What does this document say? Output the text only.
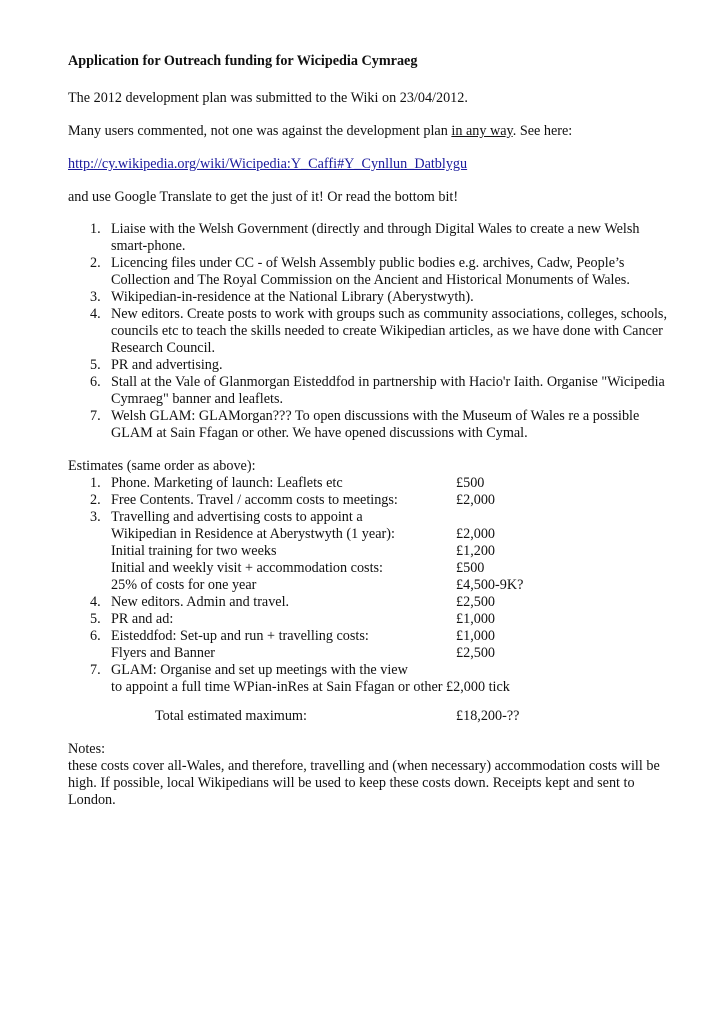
Application for Outreach funding for Wicipedia Cymraeg
The 2012 development plan was submitted to the Wiki on 23/04/2012.
Many users commented, not one was against the development plan in any way. See here:
http://cy.wikipedia.org/wiki/Wicipedia:Y_Caffi#Y_Cynllun_Datblygu
and use Google Translate to get the just of it! Or read the bottom bit!
1. Liaise with the Welsh Government (directly and through Digital Wales to create a new Welsh smart-phone.
2. Licencing files under CC - of Welsh Assembly public bodies e.g. archives, Cadw, People’s Collection and The Royal Commission on the Ancient and Historical Monuments of Wales.
3. Wikipedian-in-residence at the National Library (Aberystwyth).
4. New editors. Create posts to work with groups such as community associations, colleges, schools, councils etc to teach the skills needed to create Wikipedian articles, as we have done with Cancer Research Council.
5. PR and advertising.
6. Stall at the Vale of Glanmorgan Eisteddfod in partnership with Hacio'r Iaith. Organise "Wicipedia Cymraeg" banner and leaflets.
7. Welsh GLAM: GLAMorgan??? To open discussions with the Museum of Wales re a possible GLAM at Sain Ffagan or other. We have opened discussions with Cymal.
Estimates (same order as above):
1. Phone. Marketing of launch: Leaflets etc	£500
2. Free Contents. Travel / accomm costs to meetings:	£2,000
3. Travelling and advertising costs to appoint a
Wikipedian in Residence at Aberystwyth (1 year):	£2,000
Initial training for two weeks	£1,200
Initial and weekly visit + accommodation costs:	£500
25% of costs for one year	£4,500-9K?
4. New editors. Admin and travel.	£2,500
5. PR and ad:	£1,000
6. Eisteddfod: Set-up and run + travelling costs:	£1,000
Flyers and Banner	£2,500
7. GLAM: Organise and set up meetings with the view
to appoint a full time WPian-inRes at Sain Ffagan or other £2,000 tick
Total estimated maximum:	£18,200-??
Notes:
these costs cover all-Wales, and therefore, travelling and (when necessary) accommodation costs will be high. If possible, local Wikipedians will be used to keep these costs down. Receipts kept and sent to London.
